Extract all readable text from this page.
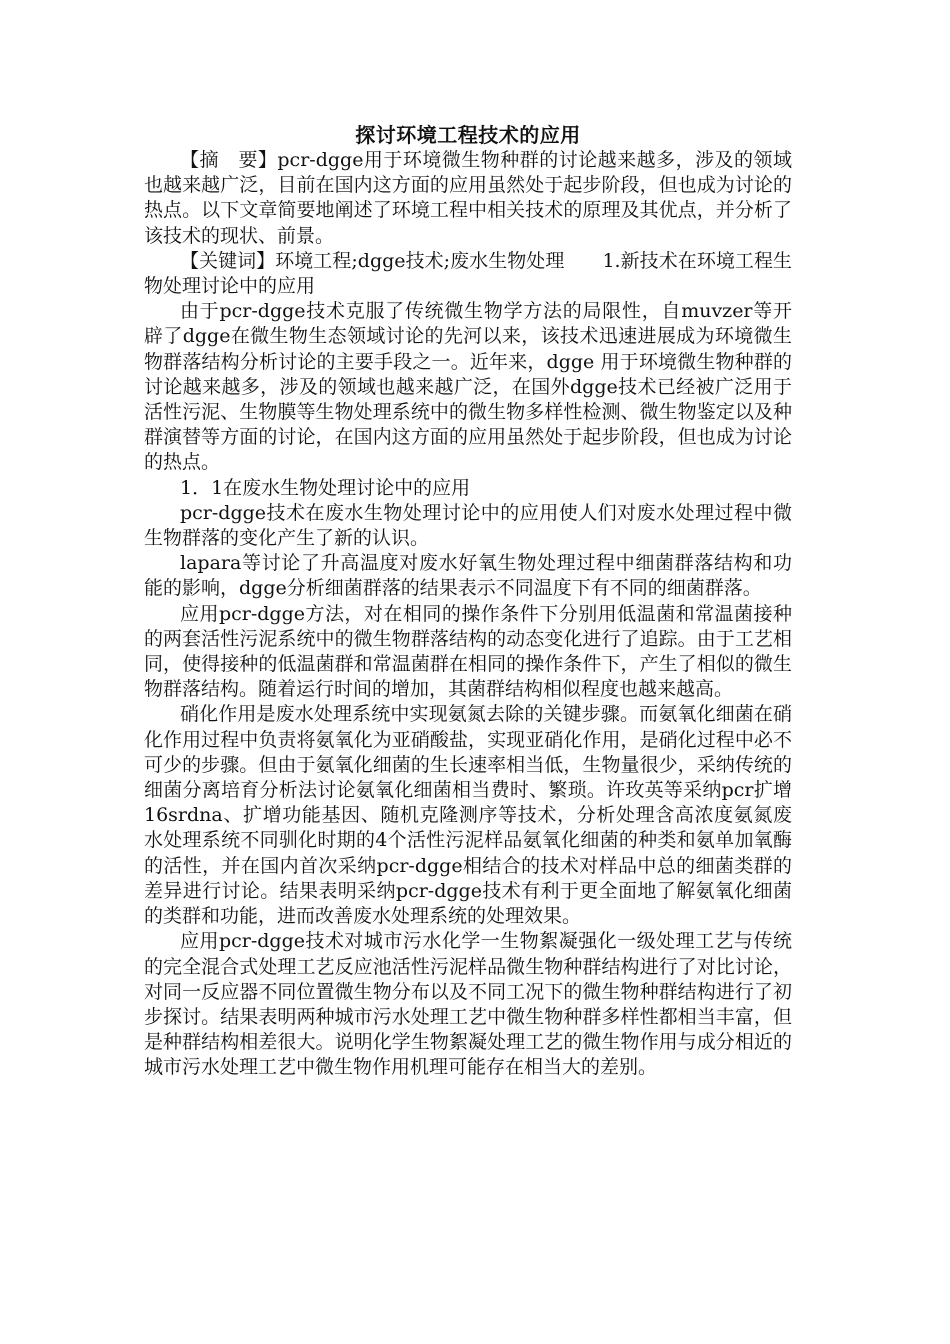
探讨环境工程技术的应用

【摘　要】pcr-dgge用于环境微生物种群的讨论越来越多，涉及的领域也越来越广泛，目前在国内这方面的应用虽然处于起步阶段，但也成为讨论的热点。以下文章简要地阐述了环境工程中相关技术的原理及其优点，并分析了该技术的现状、前景。

【关键词】环境工程;dgge技术;废水生物处理　　1.新技术在环境工程生物处理讨论中的应用

由于pcr-dgge技术克服了传统微生物学方法的局限性，自muvzer等开辟了dgge在微生物生态领域讨论的先河以来，该技术迅速进展成为环境微生物群落结构分析讨论的主要手段之一。近年来，dgge 用于环境微生物种群的讨论越来越多，涉及的领域也越来越广泛，在国外dgge技术已经被广泛用于活性污泥、生物膜等生物处理系统中的微生物多样性检测、微生物鉴定以及种群演替等方面的讨论，在国内这方面的应用虽然处于起步阶段，但也成为讨论的热点。

1．1在废水生物处理讨论中的应用

pcr-dgge技术在废水生物处理讨论中的应用使人们对废水处理过程中微生物群落的变化产生了新的认识。

lapara等讨论了升高温度对废水好氧生物处理过程中细菌群落结构和功能的影响，dgge分析细菌群落的结果表示不同温度下有不同的细菌群落。

应用pcr-dgge方法，对在相同的操作条件下分别用低温菌和常温菌接种的两套活性污泥系统中的微生物群落结构的动态变化进行了追踪。由于工艺相同，使得接种的低温菌群和常温菌群在相同的操作条件下，产生了相似的微生物群落结构。随着运行时间的增加，其菌群结构相似程度也越来越高。

硝化作用是废水处理系统中实现氨氮去除的关键步骤。而氨氧化细菌在硝化作用过程中负责将氨氧化为亚硝酸盐，实现亚硝化作用，是硝化过程中必不可少的步骤。但由于氨氧化细菌的生长速率相当低，生物量很少，采纳传统的细菌分离培育分析法讨论氨氧化细菌相当费时、繁琐。许玫英等采纳pcr扩增16srdna、扩增功能基因、随机克隆测序等技术，分析处理含高浓度氨氮废水处理系统不同驯化时期的4个活性污泥样品氨氧化细菌的种类和氨单加氧酶的活性，并在国内首次采纳pcr-dgge相结合的技术对样品中总的细菌类群的差异进行讨论。结果表明采纳pcr-dgge技术有利于更全面地了解氨氧化细菌的类群和功能，进而改善废水处理系统的处理效果。

应用pcr-dgge技术对城市污水化学一生物絮凝强化一级处理工艺与传统的完全混合式处理工艺反应池活性污泥样品微生物种群结构进行了对比讨论，对同一反应器不同位置微生物分布以及不同工况下的微生物种群结构进行了初步探讨。结果表明两种城市污水处理工艺中微生物种群多样性都相当丰富，但是种群结构相差很大。说明化学生物絮凝处理工艺的微生物作用与成分相近的城市污水处理工艺中微生物作用机理可能存在相当大的差别。
